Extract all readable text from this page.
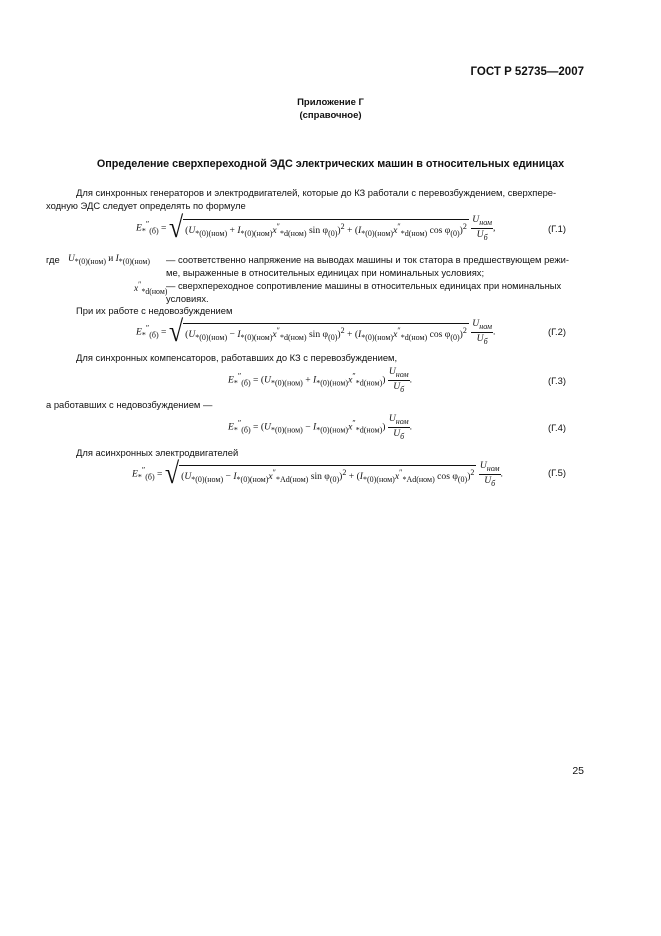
ГОСТ Р 52735—2007
Приложение Г
(справочное)
Определение сверхпереходной ЭДС электрических машин в относительных единицах
Для синхронных генераторов и электродвигателей, которые до КЗ работали с перевозбуждением, сверхпере-
ходную ЭДС следует определять по формуле
$E_*''_{(б)}$ = √ ($U_{*(0)(ном)} + I_{*(0)(ном)}x''_{*d(ном)}$ $\sin \varphi_{(0)})^2 + (I_{*(0)(ном)}x''_{*d(ном)}$ $\cos \varphi_{(0)})^2 \frac{U_{ном}}{U_б}$ ,	(Г.1)
где $U_{*(0)(ном)}$ и $I_{*(0)(ном)}$ — соответственно напряжение на выводах машины и ток статора в предшествующем режи-
ме, выраженные в относительных единицах при номинальных условиях;
$x''_{*d(ном)}$
— сверхпереходное сопротивление машины в относительных единицах при номинальных
условиях.
При их работе с недовозбуждением
$E_*''_{(б)}$ = √ ($U_{*(0)(ном)} - I_{*(0)(ном)}x''_{*d(ном)}$ $\sin \varphi_{(0)})^2 + (I_{*(0)(ном)}x''_{*d(ном)}$ $\cos \varphi_{(0)})^2 \frac{U_{ном}}{U_б}$ .	(Г.2)
Для синхронных компенсаторов, работавших до КЗ с перевозбуждением,
$E_*''_{(б)} = (U_{*(0)(ном)} + I_{*(0)(ном)}x''_{*d(ном)}) \frac{U_{ном}}{U_б}$ .	(Г.3)
а работавших с недовозбуждением —
$E_*''_{(б)} = (U_{*(0)(ном)} - I_{*(0)(ном)}x''_{*d(ном)}) \frac{U_{ном}}{U_б}$ .	(Г.4)
Для асинхронных электродвигателей
$E_*''_{(б)}$ = √ ($U_{*(0)(ном)} - I_{*(0)(ном)}x''_{*Ad(ном)}$ $\sin \varphi_{(0)})^2 + (I_{*(0)(ном)}x''_{*Ad(ном)}$ $\cos \varphi_{(0)})^2 \frac{U_{ном}}{U_б}$ .	(Г.5)
25
